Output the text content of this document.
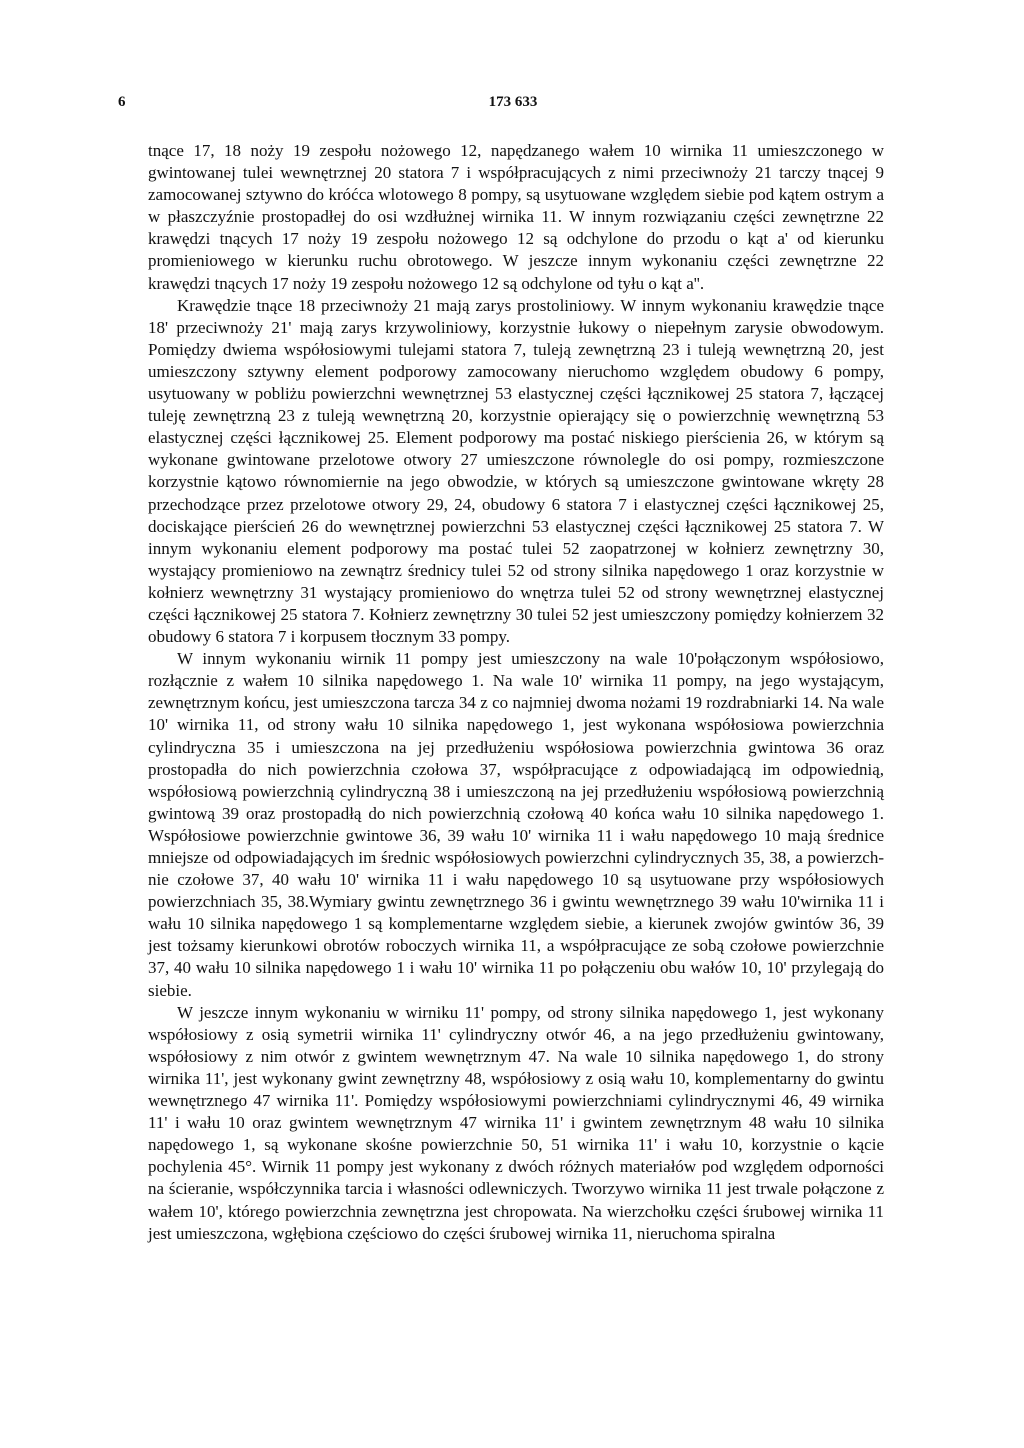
6	173 633

tnące 17, 18 noży 19 zespołu nożowego 12, napędzanego wałem 10 wirnika 11 umieszczonego w gwintowanej tulei wewnętrznej 20 statora 7 i współpracujących z nimi przeciwnoży 21 tarczy tnącej 9 zamocowanej sztywno do króćca wlotowego 8 pompy, są usytuowane względem siebie pod kątem ostrym a w płaszczyźnie prostopadłej do osi wzdłużnej wirnika 11. W innym rozwiązaniu części zewnętrzne 22 krawędzi tnących 17 noży 19 zespołu nożowego 12 są odchylone do przodu o kąt a' od kierunku promieniowego w kierunku ruchu obrotowego. W jeszcze innym wykonaniu części zewnętrzne 22 krawędzi tnących 17 noży 19 zespołu nożowego 12 są odchylone od tyłu o kąt a''.

Krawędzie tnące 18 przeciwnoży 21 mają zarys prostoliniowy. W innym wykonaniu krawędzie tnące 18' przeciwnoży 21' mają zarys krzywoliniowy, korzystnie łukowy o niepełnym zarysie obwodowym. Pomiędzy dwiema współosiowymi tulejami statora 7, tuleją zewnętrzną 23 i tuleją wewnętrzną 20, jest umieszczony sztywny element podporowy zamocowany nieruchomo względem obudowy 6 pompy, usytuowany w pobliżu powierzchni wewnętrznej 53 elastycznej części łącznikowej 25 statora 7, łączącej tuleję zewnętrzną 23 z tuleją wewnętrzną 20, korzystnie opierający się o powierzchnię wewnętrzną 53 elastycznej części łącznikowej 25. Element podporowy ma postać niskiego pierścienia 26, w którym są wykonane gwintowane przelotowe otwory 27 umieszczone równolegle do osi pompy, rozmieszczone korzystnie kątowo równomiernie na jego obwodzie, w których są umieszczone gwintowane wkręty 28 przechodzące przez przelotowe otwory 29, 24, obudowy 6 statora 7 i elastycznej części łącznikowej 25, dociskające pierścień 26 do wewnętrznej powierzchni 53 elastycznej części łącznikowej 25 statora 7. W innym wykonaniu element podporowy ma postać tulei 52 zaopatrzonej w kołnierz zewnętrzny 30, wystający promieniowo na zewnątrz średnicy tulei 52 od strony silnika napędowego 1 oraz korzystnie w kołnierz wewnętrzny 31 wystający promieniowo do wnętrza tulei 52 od strony wewnętrznej elastycznej części łącznikowej 25 statora 7. Kołnierz zewnętrzny 30 tulei 52 jest umieszczony pomiędzy kołnierzem 32 obudowy 6 statora 7 i korpusem tłocznym 33 pompy.

W innym wykonaniu wirnik 11 pompy jest umieszczony na wale 10'połączonym współosiowo, rozłącznie z wałem 10 silnika napędowego 1. Na wale 10' wirnika 11 pompy, na jego wystającym, zewnętrznym końcu, jest umieszczona tarcza 34 z co najmniej dwoma nożami 19 rozdrabniarki 14. Na wale 10' wirnika 11, od strony wału 10 silnika napędowego 1, jest wykonana współosiowa powierzchnia cylindryczna 35 i umieszczona na jej przedłużeniu współosiowa powierzchnia gwintowa 36 oraz prostopadła do nich powierzchnia czołowa 37, współpracujące z odpowiadającą im odpowiednią, współosiową powierzchnią cylindryczną 38 i umieszczoną na jej przedłużeniu współosiową powierzchnią gwintową 39 oraz prostopadłą do nich powierzchnią czołową 40 końca wału 10 silnika napędowego 1. Współosiowe powierzchnie gwintowe 36, 39 wału 10' wirnika 11 i wału napędowego 10 mają średnice mniejsze od odpowiadających im średnic współosiowych powierzchni cylindrycznych 35, 38, a powierzchnie czołowe 37, 40 wału 10' wirnika 11 i wału napędowego 10 są usytuowane przy współosiowych powierzchniach 35, 38.Wymiary gwintu zewnętrznego 36 i gwintu wewnętrznego 39 wału 10'wirnika 11 i wału 10 silnika napędowego 1 są komplementarne względem siebie, a kierunek zwojów gwintów 36, 39 jest tożsamy kierunkowi obrotów roboczych wirnika 11, a współpracujące ze sobą czołowe powierzchnie 37, 40 wału 10 silnika napędowego 1 i wału 10' wirnika 11 po połączeniu obu wałów 10, 10' przylegają do siebie.

W jeszcze innym wykonaniu w wirniku 11' pompy, od strony silnika napędowego 1, jest wykonany współosiowy z osią symetrii wirnika 11' cylindryczny otwór 46, a na jego przedłużeniu gwintowany, współosiowy z nim otwór z gwintem wewnętrznym 47. Na wale 10 silnika napędowego 1, do strony wirnika 11', jest wykonany gwint zewnętrzny 48, współosiowy z osią wału 10, komplementarny do gwintu wewnętrznego 47 wirnika 11'. Pomiędzy współosiowymi powierzchniami cylindrycznymi 46, 49 wirnika 11' i wału 10 oraz gwintem wewnętrznym 47 wirnika 11' i gwintem zewnętrznym 48 wału 10 silnika napędowego 1, są wykonane skośne powierzchnie 50, 51 wirnika 11' i wału 10, korzystnie o kącie pochylenia 45°. Wirnik 11 pompy jest wykonany z dwóch różnych materiałów pod względem odporności na ścieranie, współczynnika tarcia i własności odlewniczych. Tworzywo wirnika 11 jest trwale połączone z wałem 10', którego powierzchnia zewnętrzna jest chropowata. Na wierzchołku części śrubowej wirnika 11 jest umieszczona, wgłębiona częściowo do części śrubowej wirnika 11, nieruchoma spiralna
